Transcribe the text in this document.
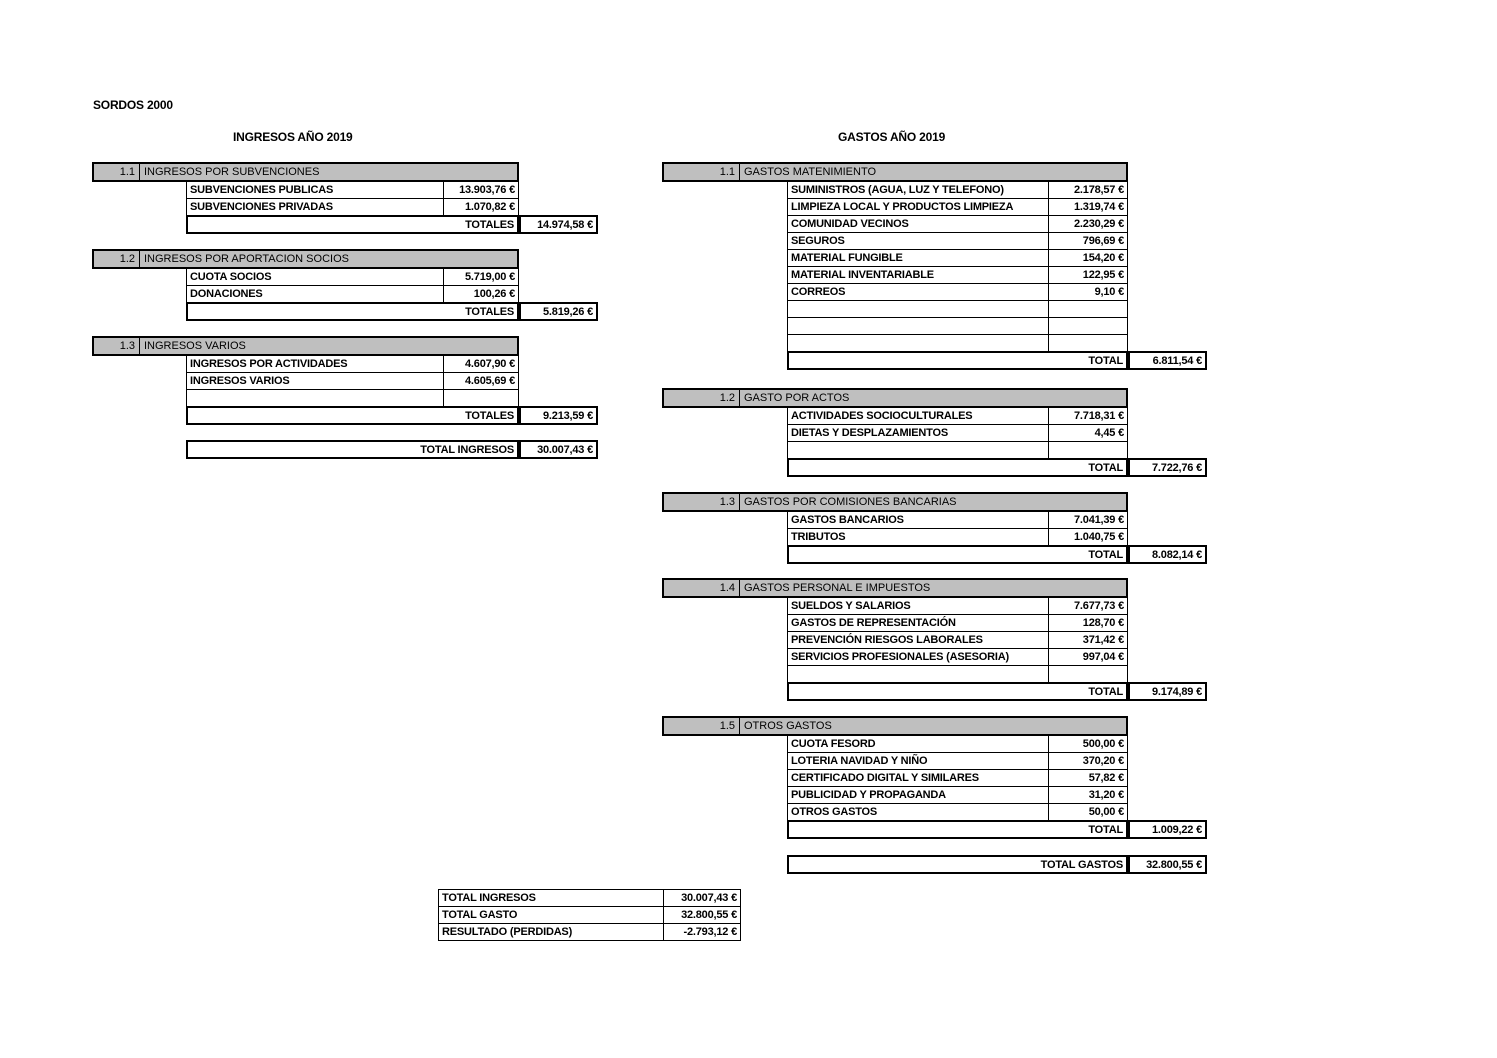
SORDOS 2000
INGRESOS AÑO 2019	GASTOS AÑO 2019
1.1 INGRESOS POR SUBVENCIONES
SUBVENCIONES PUBLICAS	13.903,76 €
SUBVENCIONES PRIVADAS	1.070,82 €
TOTALES	14.974,58 €
1.2 INGRESOS POR APORTACION SOCIOS
CUOTA SOCIOS	5.719,00 €
DONACIONES	100,26 €
TOTALES	5.819,26 €
1.3 INGRESOS VARIOS
INGRESOS POR ACTIVIDADES	4.607,90 €
INGRESOS VARIOS	4.605,69 €
TOTALES	9.213,59 €
TOTAL INGRESOS	30.007,43 €
1.1 GASTOS MATENIMIENTO
SUMINISTROS (AGUA, LUZ Y TELEFONO)	2.178,57 €
LIMPIEZA LOCAL Y PRODUCTOS LIMPIEZA	1.319,74 €
COMUNIDAD VECINOS	2.230,29 €
SEGUROS	796,69 €
MATERIAL FUNGIBLE	154,20 €
MATERIAL INVENTARIABLE	122,95 €
CORREOS	9,10 €
TOTAL	6.811,54 €
1.2 GASTO POR ACTOS
ACTIVIDADES SOCIOCULTURALES	7.718,31 €
DIETAS Y DESPLAZAMIENTOS	4,45 €
TOTAL	7.722,76 €
1.3 GASTOS POR COMISIONES BANCARIAS
GASTOS BANCARIOS	7.041,39 €
TRIBUTOS	1.040,75 €
TOTAL	8.082,14 €
1.4 GASTOS PERSONAL E IMPUESTOS
SUELDOS Y SALARIOS	7.677,73 €
GASTOS DE REPRESENTACIÓN	128,70 €
PREVENCIÓN RIESGOS LABORALES	371,42 €
SERVICIOS PROFESIONALES (ASESORIA)	997,04 €
TOTAL	9.174,89 €
1.5 OTROS GASTOS
CUOTA FESORD	500,00 €
LOTERIA NAVIDAD Y NIÑO	370,20 €
CERTIFICADO DIGITAL Y SIMILARES	57,82 €
PUBLICIDAD Y PROPAGANDA	31,20 €
OTROS GASTOS	50,00 €
TOTAL	1.009,22 €
TOTAL GASTOS	32.800,55 €
TOTAL INGRESOS	30.007,43 €
TOTAL GASTO	32.800,55 €
RESULTADO (PERDIDAS)	-2.793,12 €
